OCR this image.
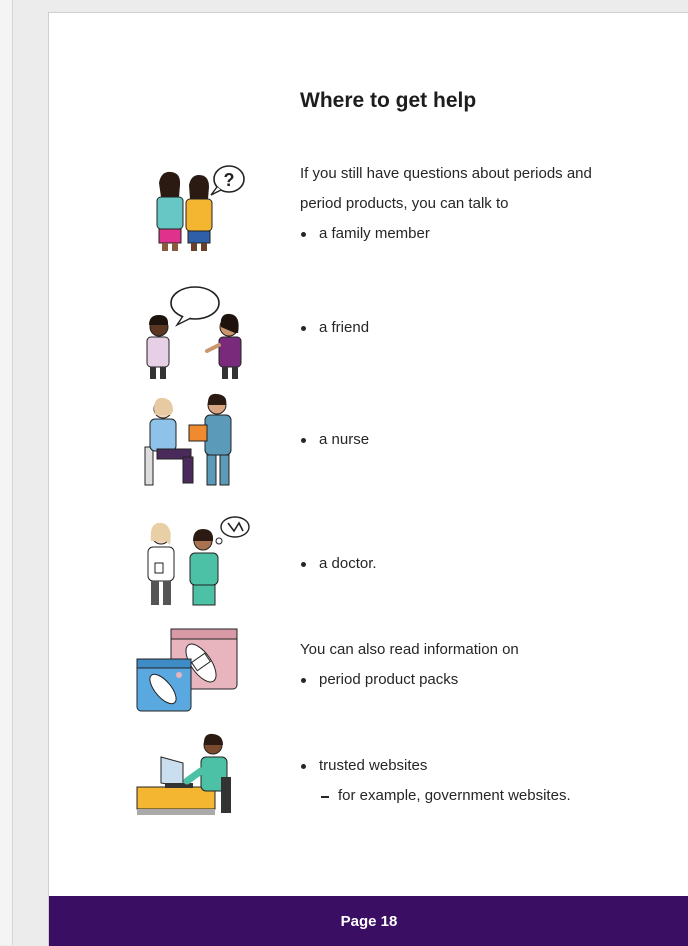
Where to get help
?	If you still have questions about periods and
period products, you can talk to
a family member
a friend
a nurse
a doctor.
You can also read information on
period product packs
trusted websites
for example, government websites.
Page 18
